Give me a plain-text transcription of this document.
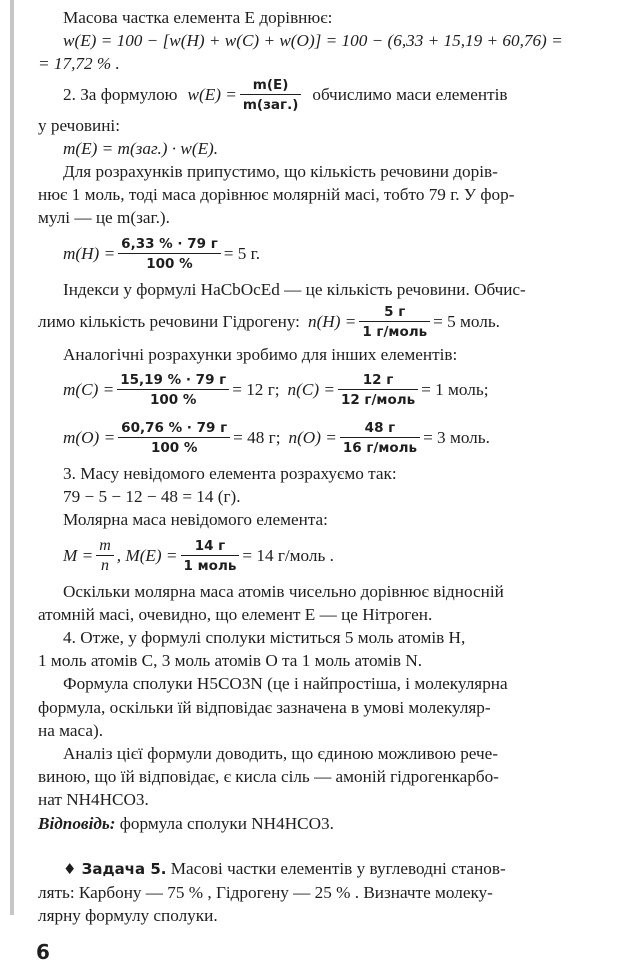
Масова частка елемента E дорівнює:
w(E) = 100 − [w(H) + w(C) + w(O)] = 100 − (6,33 + 15,19 + 60,76) =
= 17,72 % .
2. За формулою $w(E) = \frac{m(E)}{\text{m(заг.)}}$ обчислимо маси елементів
у речовині:
m(E) = m(заг.) · w(E).
Для розрахунків припустимо, що кількість речовини дорів-
нює 1 моль, тоді маса дорівнює молярній масі, тобто 79 г. У фор-
мулі — це m(заг.).
$m(H) = \frac{6,33 \% \cdot 79 г}{100 \%} = 5$ г.
Індекси у формулі HaCbOcEd — це кількість речовини. Обчис-
лимо кількість речовини Гідрогену: $n(H) = \frac{5 г}{\text{1 г/моль}} = 5$ моль.
Аналогічні розрахунки зробимо для інших елементів:
$m(C) = \frac{15,19 \% \cdot 79 г}{100 \%} = 12$ г; $n(C) = \frac{12 г}{\text{12 г/моль}} = 1$ моль;
$m(O) = \frac{60,76 \% \cdot 79 г}{100 \%} = 48$ г; $n(O) = \frac{48 г}{\text{16 г/моль}} = 3$ моль.
3. Масу невідомого елемента розрахуємо так:
79 − 5 − 12 − 48 = 14 (г).
Молярна маса невідомого елемента:
$M = \frac{m}{n}$ , $M(E) = \frac{14 г}{\text{1 моль}} = 14$ г/моль .
Оскільки молярна маса атомів чисельно дорівнює відносній
атомній масі, очевидно, що елемент E — це Нітроген.
4. Отже, у формулі сполуки міститься 5 моль атомів H,
1 моль атомів C, 3 моль атомів O та 1 моль атомів N.
Формула сполуки H5CO3N (це і найпростіша, і молекулярна
формула, оскільки їй відповідає зазначена в умові молекуляр-
на маса).
Аналіз цієї формули доводить, що єдиною можливою рече-
виною, що їй відповідає, є кисла сіль — амоній гідрогенкарбо-
нат NH4HCO3.
Відповідь: формула сполуки NH4HCO3.
♦ Задача 5. Масові частки елементів у вуглеводні станов-
лять: Карбону — 75 % , Гідрогену — 25 % . Визначте молеку-
лярну формулу сполуки.
6
